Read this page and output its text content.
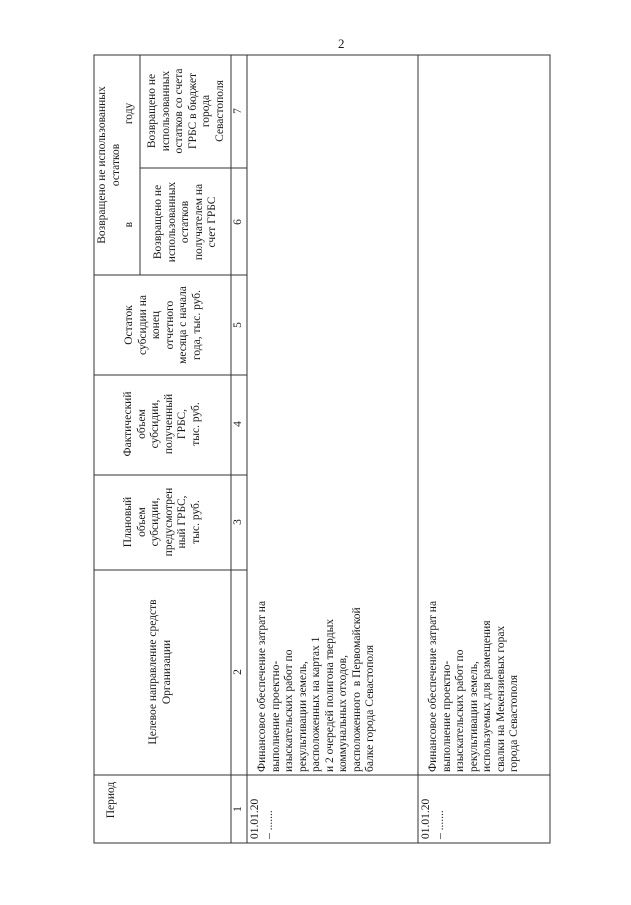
2
Период
Целевое направление средств
Организации
Плановый
объем
субсидии,
предусмотрен
ный ГРБС,
тыс. руб.
Фактический
объем
субсидии,
полученный
ГРБС,
тыс. руб.
Остаток
субсидии на
конец
отчетного
месяца с начала
года, тыс. руб.
Возвращено не использованных
остатков
в                                  году
Возвращено не
использованных
остатков
получателем на
счет ГРБС
Возвращено не
использованных
остатков со счета
ГРБС в бюджет
города
Севастополя
1
2
3
4
5
6
7
01.01.20
– .......
Финансовое обеспечение затрат на
выполнение проектно-
изыскательских работ по
рекультивации земель,
расположенных на картах 1
и 2 очередей полигона твердых
коммунальных отходов,
расположенного  в Первомайской
балке города Севастополя
01.01.20
– .......
Финансовое обеспечение затрат на
выполнение проектно-
изыскательских работ по
рекультивации земель,
используемых для размещения
свалки на Мекензиевых горах
города Севастополя
